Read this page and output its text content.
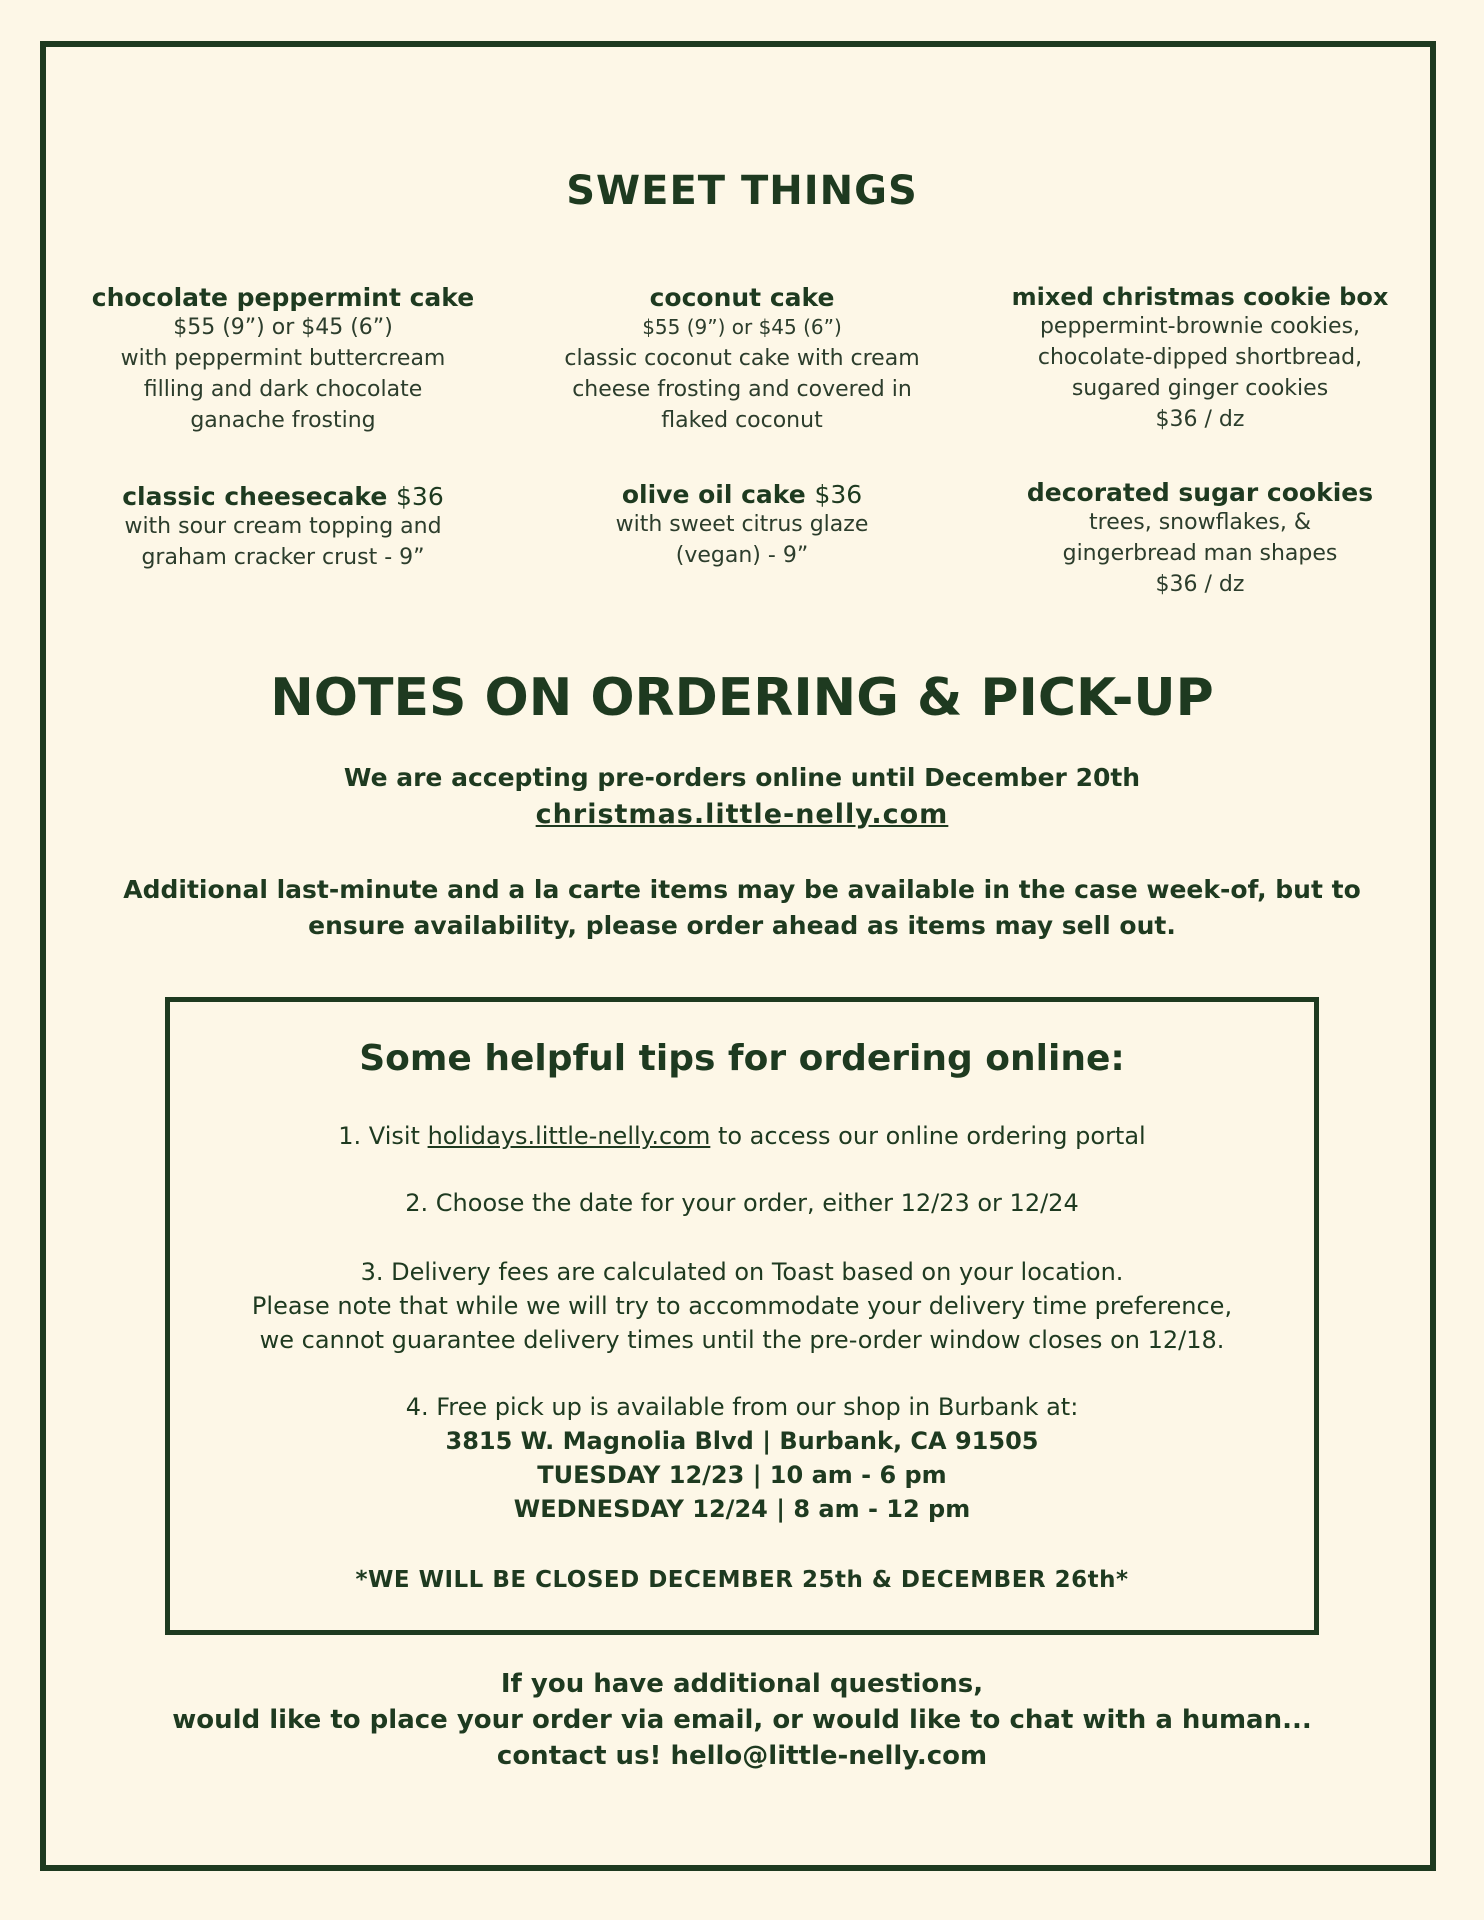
SWEET THINGS
chocolate peppermint cake
$55 (9”) or $45 (6”)
with peppermint buttercream
filling and dark chocolate
ganache frosting
coconut cake
$55 (9”) or $45 (6”)
classic coconut cake with cream
cheese frosting and covered in
flaked coconut
mixed christmas cookie box
peppermint-brownie cookies,
chocolate-dipped shortbread,
sugared ginger cookies
$36 / dz
classic cheesecake $36
with sour cream topping and
graham cracker crust - 9”
olive oil cake $36
with sweet citrus glaze
(vegan) - 9”
decorated sugar cookies
trees, snowflakes, &
gingerbread man shapes
$36 / dz
NOTES ON ORDERING & PICK-UP
We are accepting pre-orders online until December 20th
christmas.little-nelly.com
Additional last-minute and a la carte items may be available in the case week-of, but to ensure availability, please order ahead as items may sell out.
Some helpful tips for ordering online:
1. Visit holidays.little-nelly.com to access our online ordering portal
2. Choose the date for your order, either 12/23 or 12/24
3. Delivery fees are calculated on Toast based on your location.
Please note that while we will try to accommodate your delivery time preference,
we cannot guarantee delivery times until the pre-order window closes on 12/18.
4. Free pick up is available from our shop in Burbank at:
3815 W. Magnolia Blvd | Burbank, CA 91505
TUESDAY 12/23 | 10 am - 6 pm
WEDNESDAY 12/24 | 8 am - 12 pm
*WE WILL BE CLOSED DECEMBER 25th & DECEMBER 26th*
If you have additional questions,
would like to place your order via email, or would like to chat with a human...
contact us! hello@little-nelly.com
